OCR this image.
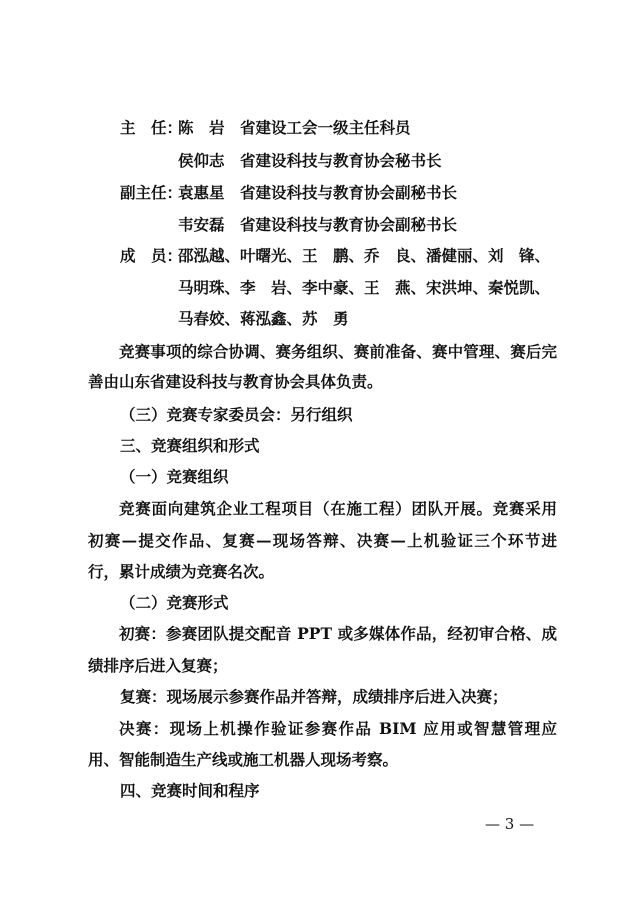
主　任：
陈　岩　省建设工会一级主任科员
侯仰志　省建设科技与教育协会秘书长
副主任：
袁惠星　省建设科技与教育协会副秘书长
韦安磊　省建设科技与教育协会副秘书长
成　员：
邵泓越、叶曙光、王　鹏、乔　良、潘健丽、刘　锋、
马明珠、李　岩、李中豪、王　燕、宋洪坤、秦悦凯、
马春姣、蒋泓鑫、苏　勇
竞赛事项的综合协调、赛务组织、赛前准备、赛中管理、赛后完
善由山东省建设科技与教育协会具体负责。
（三）竞赛专家委员会：另行组织
三、竞赛组织和形式
（一）竞赛组织
竞赛面向建筑企业工程项目（在施工程）团队开展。竞赛采用
初赛—提交作品、复赛—现场答辩、决赛—上机验证三个环节进
行，累计成绩为竞赛名次。
（二）竞赛形式
初赛：参赛团队提交配音 PPT 或多媒体作品，经初审合格、成
绩排序后进入复赛；
复赛：现场展示参赛作品并答辩，成绩排序后进入决赛；
决赛：现场上机操作验证参赛作品 BIM 应用或智慧管理应
用、智能制造生产线或施工机器人现场考察。
四、竞赛时间和程序
— 3 —
